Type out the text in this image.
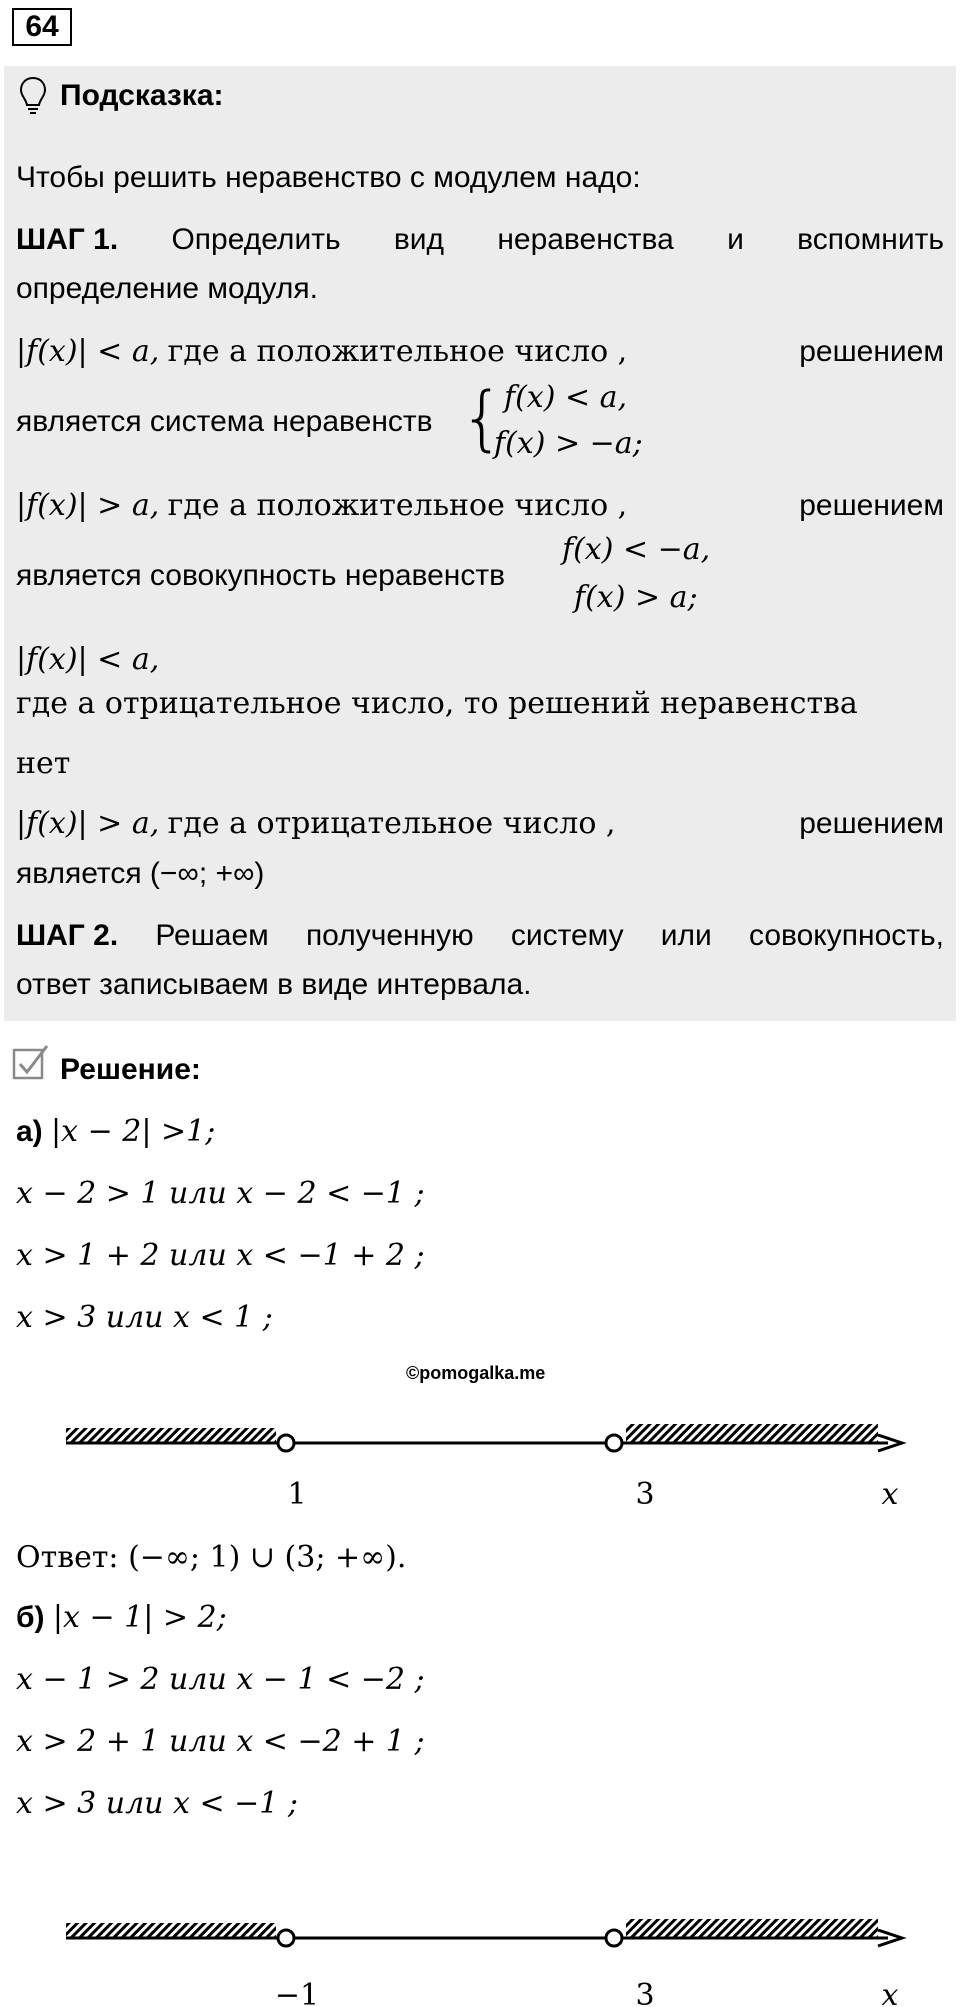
64
Подсказка:
Чтобы решить неравенство с модулем надо:
ШАГ 1. Определить вид неравенства и вспомнить
определение модуля.
|f(x)| < a, где a положительное число ,	решением
является система неравенств { f(x) < a,
f(x) > −a;
|f(x)| > a, где a положительное число ,	решением
является совокупность неравенств
f(x) < −a,
f(x) > a;
|f(x)| < a,
где a отрицательное число, то решений неравенства
нет
|f(x)| > a, где a отрицательное число ,	решением
является (−∞; +∞)
ШАГ 2. Решаем полученную систему или совокупность,
ответ записываем в виде интервала.
Решение:
а) |x − 2| >1;
x − 2 > 1 или x − 2 < −1 ;
x > 1 + 2 или x < −1 + 2 ;
x > 3 или x < 1 ;
©pomogalka.me
1	3	x
Ответ: (−∞; 1) ∪ (3; +∞).
б) |x − 1| > 2;
x − 1 > 2 или x − 1 < −2 ;
x > 2 + 1 или x < −2 + 1 ;
x > 3 или x < −1 ;
−1	3	x
